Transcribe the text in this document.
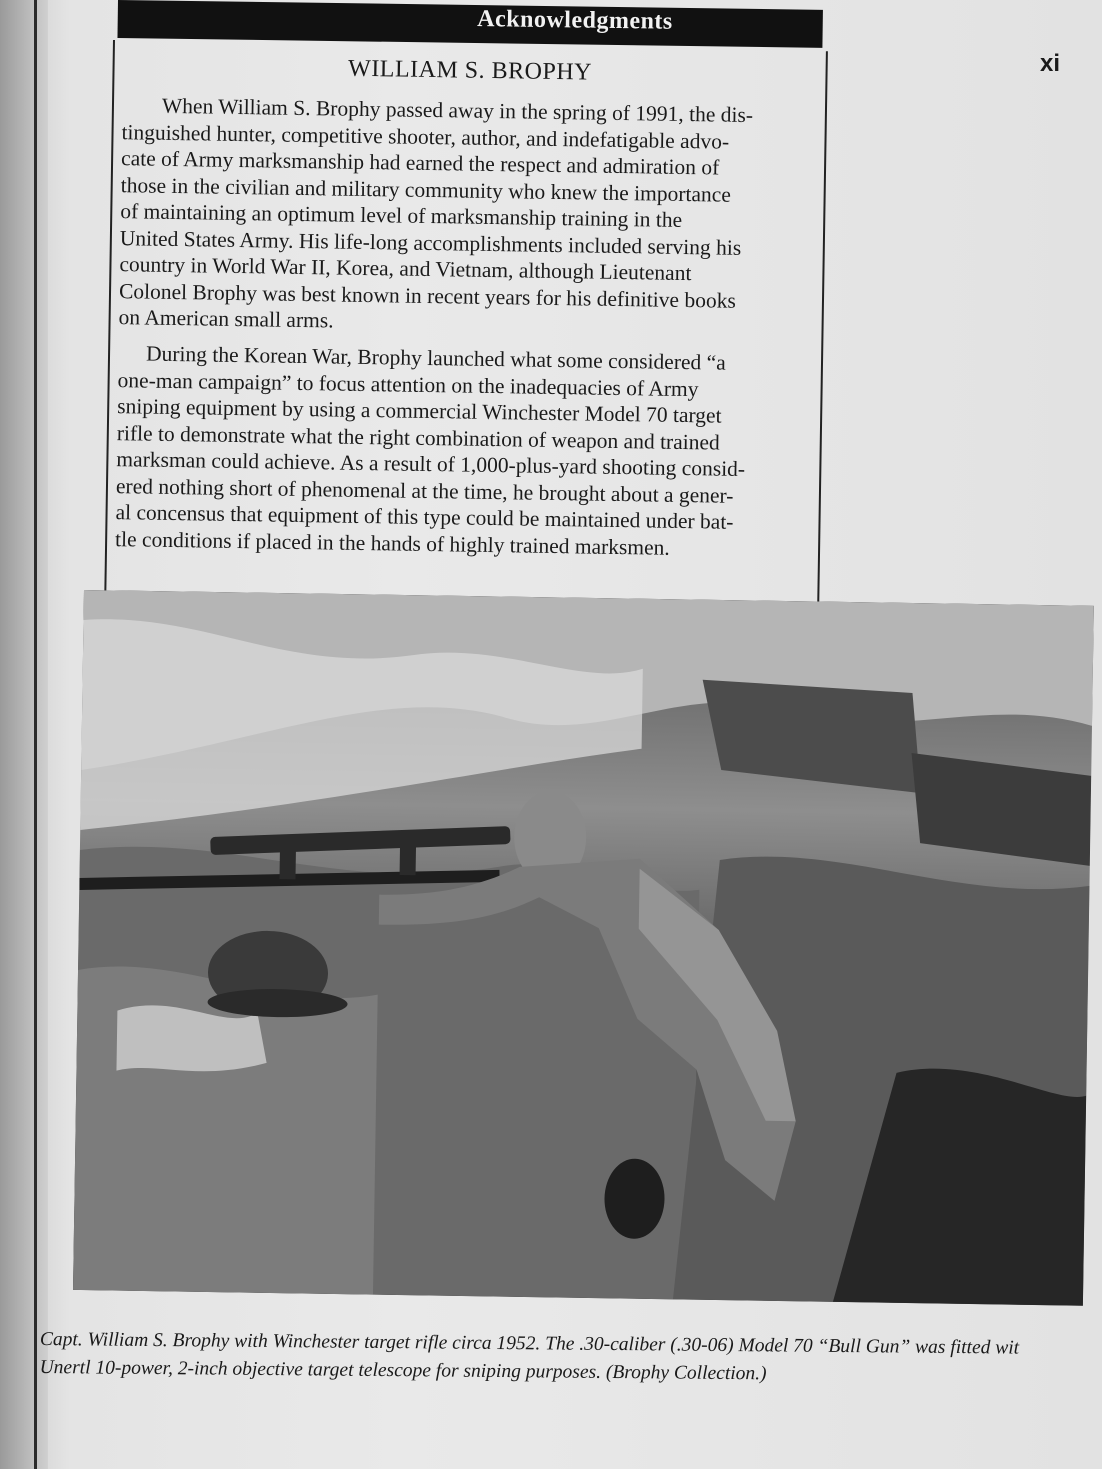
Acknowledgments
xi
WILLIAM S. BROPHY

When William S. Brophy passed away in the spring of 1991, the dis-
tinguished hunter, competitive shooter, author, and indefatigable advo-
cate of Army marksmanship had earned the respect and admiration of
those in the civilian and military community who knew the importance
of maintaining an optimum level of marksmanship training in the
United States Army. His life-long accomplishments included serving his
country in World War II, Korea, and Vietnam, although Lieutenant
Colonel Brophy was best known in recent years for his definitive books
on American small arms.

During the Korean War, Brophy launched what some considered “a
one-man campaign” to focus attention on the inadequacies of Army
sniping equipment by using a commercial Winchester Model 70 target
rifle to demonstrate what the right combination of weapon and trained
marksman could achieve. As a result of 1,000-plus-yard shooting consid-
ered nothing short of phenomenal at the time, he brought about a gener-
al concensus that equipment of this type could be maintained under bat-
tle conditions if placed in the hands of highly trained marksmen.

Capt. William S. Brophy with Winchester target rifle circa 1952. The .30-caliber (.30-06) Model 70 “Bull Gun” was fitted wit
Unertl 10-power, 2-inch objective target telescope for sniping purposes. (Brophy Collection.)
